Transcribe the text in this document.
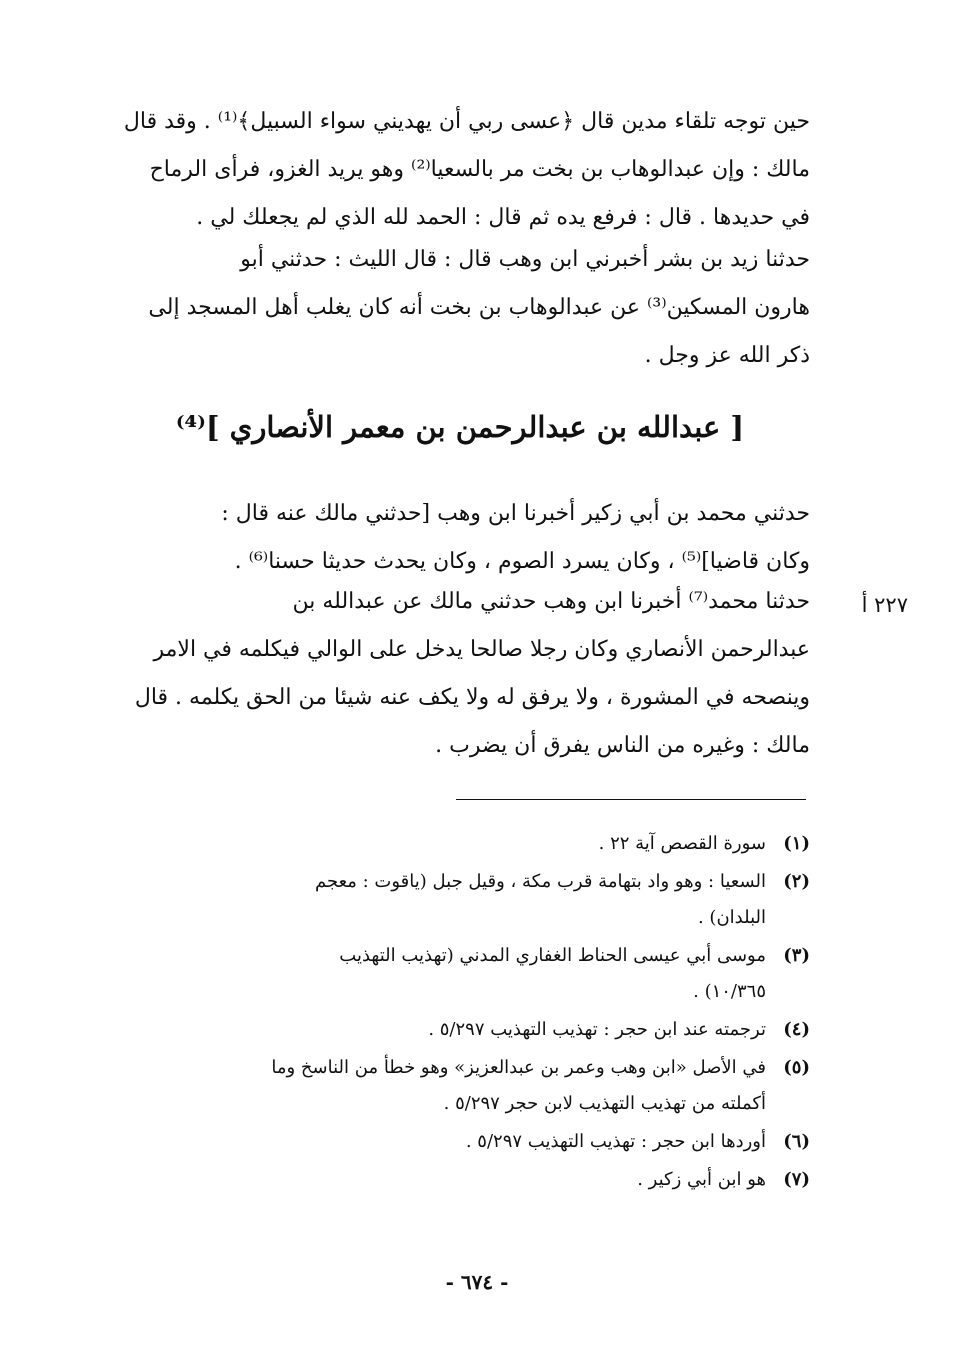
حين توجه تلقاء مدين قال ﴿عسى ربي أن يهديني سواء السبيل﴾⁽¹⁾ . وقد قال
مالك : وإن عبدالوهاب بن بخت مر بالسعيا⁽²⁾ وهو يريد الغزو، فرأى الرماح
في حديدها . قال : فرفع يده ثم قال : الحمد لله الذي لم يجعلك لي .
حدثنا زيد بن بشر أخبرني ابن وهب قال : قال الليث : حدثني أبو
هارون المسكين⁽³⁾ عن عبدالوهاب بن بخت أنه كان يغلب أهل المسجد إلى
ذكر الله عز وجل .
[ عبدالله بن عبدالرحمن بن معمر الأنصاري ]⁽⁴⁾
حدثني محمد بن أبي زكير أخبرنا ابن وهب [حدثني مالك عنه قال :
وكان قاضيا]⁽⁵⁾ ، وكان يسرد الصوم ، وكان يحدث حديثا حسنا⁽⁶⁾ .
٢٢٧ أ
حدثنا محمد⁽⁷⁾ أخبرنا ابن وهب حدثني مالك عن عبدالله بن
عبدالرحمن الأنصاري وكان رجلا صالحا يدخل على الوالي فيكلمه في الامر
وينصحه في المشورة ، ولا يرفق له ولا يكف عنه شيئا من الحق يكلمه . قال
مالك : وغيره من الناس يفرق أن يضرب .
(١)سورة القصص آية ٢٢ .
(٢)السعيا : وهو واد بتهامة قرب مكة ، وقيل جبل (ياقوت : معجم
البلدان) .
(٣)موسى أبي عيسى الحناط الغفاري المدني (تهذيب التهذيب
١٠/٣٦٥) .
(٤)ترجمته عند ابن حجر : تهذيب التهذيب ٥/٢٩٧ .
(٥)في الأصل «ابن وهب وعمر بن عبدالعزيز» وهو خطأ من الناسخ وما
أكملته من تهذيب التهذيب لابن حجر ٥/٢٩٧ .
(٦)أوردها ابن حجر : تهذيب التهذيب ٥/٢٩٧ .
(٧)هو ابن أبي زكير .
- ٦٧٤ -
